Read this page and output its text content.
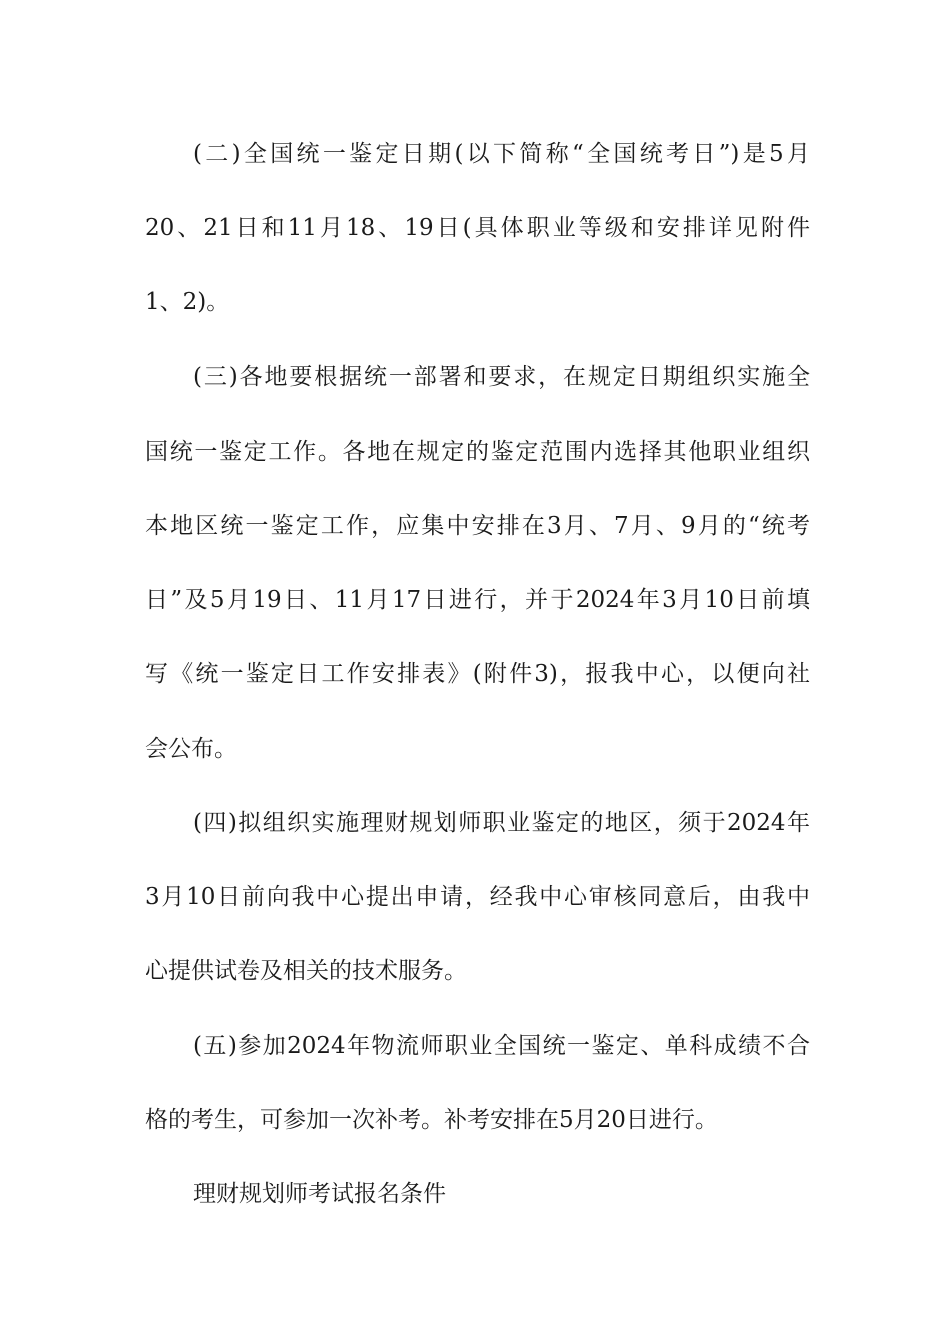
(二)全国统一鉴定日期(以下简称“全国统考日”)是5月
20、21日和11月18、19日(具体职业等级和安排详见附件
1、2)。
(三)各地要根据统一部署和要求，在规定日期组织实施全
国统一鉴定工作。各地在规定的鉴定范围内选择其他职业组织
本地区统一鉴定工作，应集中安排在3月、7月、9月的“统考
日”及5月19日、11月17日进行，并于2024年3月10日前填
写《统一鉴定日工作安排表》(附件3)，报我中心，以便向社
会公布。
(四)拟组织实施理财规划师职业鉴定的地区，须于2024年
3月10日前向我中心提出申请，经我中心审核同意后，由我中
心提供试卷及相关的技术服务。
(五)参加2024年物流师职业全国统一鉴定、单科成绩不合
格的考生，可参加一次补考。补考安排在5月20日进行。
理财规划师考试报名条件
